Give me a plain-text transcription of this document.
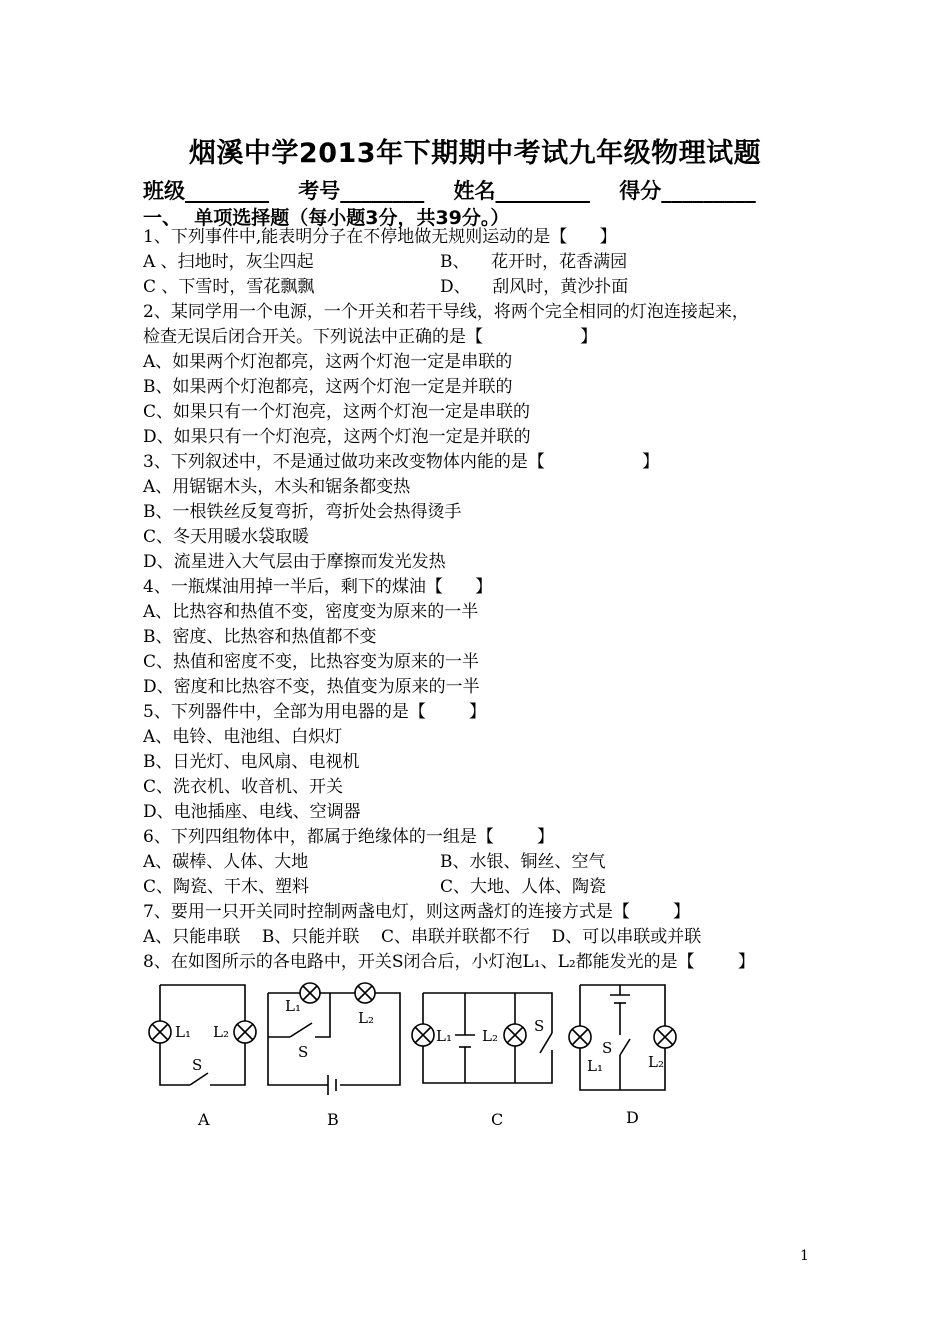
烟溪中学2013年下期期中考试九年级物理试题
班级________    考号________    姓名_________    得分_________
一、  单项选择题（每小题3分，共39分。）
1、下列事件中,能表明分子在不停地做无规则运动的是【      】
A 、扫地时，灰尘四起	B、    花开时，花香满园
C 、下雪时，雪花飘飘	D、    刮风时，黄沙扑面
2、某同学用一个电源，一个开关和若干导线，将两个完全相同的灯泡连接起来，
检查无误后闭合开关。下列说法中正确的是【                  】
A、如果两个灯泡都亮，这两个灯泡一定是串联的
B、如果两个灯泡都亮，这两个灯泡一定是并联的
C、如果只有一个灯泡亮，这两个灯泡一定是串联的
D、如果只有一个灯泡亮，这两个灯泡一定是并联的
3、下列叙述中，不是通过做功来改变物体内能的是【                  】
A、用锯锯木头，木头和锯条都变热
B、一根铁丝反复弯折，弯折处会热得烫手
C、冬天用暖水袋取暖
D、流星进入大气层由于摩擦而发光发热
4、一瓶煤油用掉一半后，剩下的煤油【      】
A、比热容和热值不变，密度变为原来的一半
B、密度、比热容和热值都不变
C、热值和密度不变，比热容变为原来的一半
D、密度和比热容不变，热值变为原来的一半
5、下列器件中，全部为用电器的是【        】
A、电铃、电池组、白炽灯
B、日光灯、电风扇、电视机
C、洗衣机、收音机、开关
D、电池插座、电线、空调器
6、下列四组物体中，都属于绝缘体的一组是【        】
A、碳棒、人体、大地	B、水银、铜丝、空气
C、陶瓷、干木、塑料	C、大地、人体、陶瓷
7、要用一只开关同时控制两盏电灯，则这两盏灯的连接方式是【        】
A、只能串联    B、只能并联    C、串联并联都不行    D、可以串联或并联
8、在如图所示的各电路中，开关S闭合后，小灯泡L₁、L₂都能发光的是【        】
L₁ L₂
S
L₁
L₂
S
L₁ L₂
S
L₁	L₂
S
A	B	C	D
1
